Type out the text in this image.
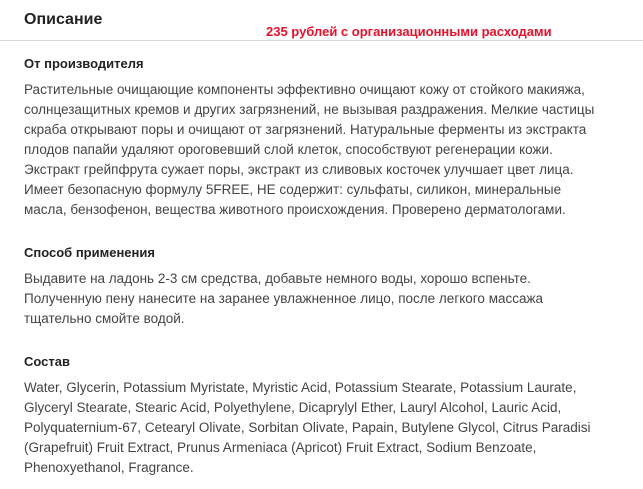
Описание
235 рублей с организационными расходами
От производителя

Растительные очищающие компоненты эффективно очищают кожу от стойкого макияжа,
солнцезащитных кремов и других загрязнений, не вызывая раздражения. Мелкие частицы
скраба открывают поры и очищают от загрязнений. Натуральные ферменты из экстракта
плодов папайи удаляют ороговевший слой клеток, способствуют регенерации кожи.
Экстракт грейпфрута сужает поры, экстракт из сливовых косточек улучшает цвет лица.
Имеет безопасную формулу 5FREE, НЕ содержит: сульфаты, силикон, минеральные
масла, бензофенон, вещества животного происхождения. Проверено дерматологами.

Способ применения

Выдавите на ладонь 2-3 см средства, добавьте немного воды, хорошо вспеньте.
Полученную пену нанесите на заранее увлажненное лицо, после легкого массажа
тщательно смойте водой.

Состав

Water, Glycerin, Potassium Myristate, Myristic Acid, Potassium Stearate, Potassium Laurate,
Glyceryl Stearate, Stearic Acid, Polyethylene, Dicaprylyl Ether, Lauryl Alcohol, Lauric Acid,
Polyquaternium-67, Cetearyl Olivate, Sorbitan Olivate, Papain, Butylene Glycol, Citrus Paradisi
(Grapefruit) Fruit Extract, Prunus Armeniaca (Apricot) Fruit Extract, Sodium Benzoate,
Phenoxyethanol, Fragrance.
